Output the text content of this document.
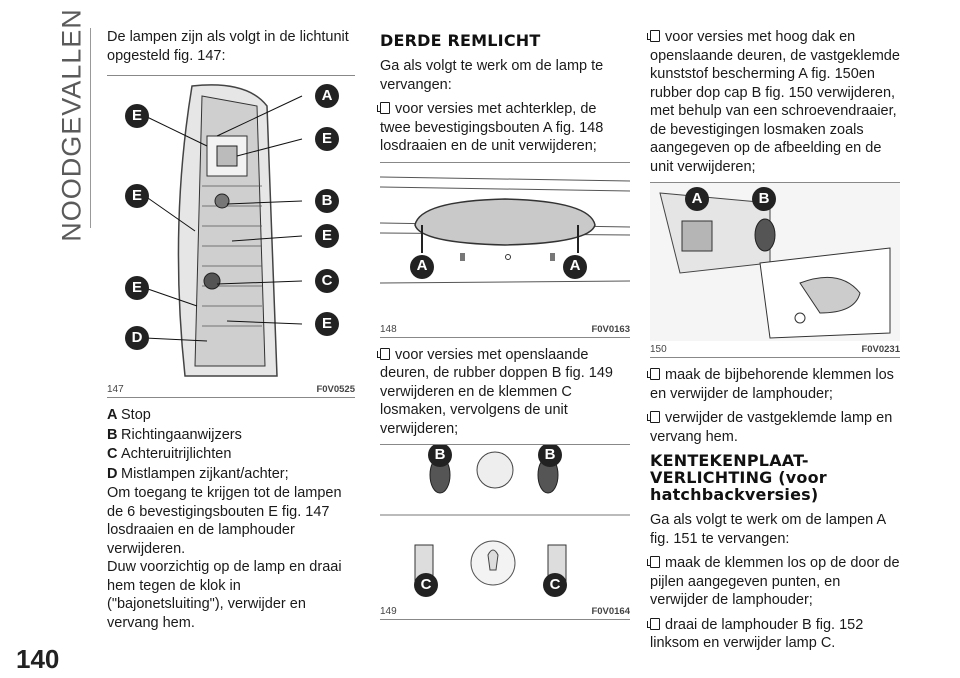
NOODGEVALLEN
140

De lampen zijn als volgt in de lichtunit opgesteld fig. 147:

A
E
E
E	B
E
E	C
E
D
147	F0V0525
A Stop
B Richtingaanwijzers
C Achteruitrijlichten
D Mistlampen zijkant/achter;

Om toegang te krijgen tot de lampen de 6 bevestigingsbouten E fig. 147 losdraaien en de lamphouder verwijderen.

Duw voorzichtig op de lamp en draai hem tegen de klok in ("bajonetsluiting"), verwijder en vervang hem.

DERDE REMLICHT

Ga als volgt te werk om de lamp te vervangen:

voor versies met achterklep, de twee bevestigingsbouten A fig. 148 losdraaien en de unit verwijderen;

A	A
148	F0V0163

voor versies met openslaande deuren, de rubber doppen B fig. 149 verwijderen en de klemmen C losmaken, vervolgens de unit verwijderen;

B	B
C	C
149	F0V0164

voor versies met hoog dak en openslaande deuren, de vastgeklemde kunststof bescherming A fig. 150en rubber dop cap B fig. 150 verwijderen, met behulp van een schroevendraaier, de bevestigingen losmaken zoals aangegeven op de afbeelding en de unit verwijderen;

A	B
150	F0V0231

maak de bijbehorende klemmen los en verwijder de lamphouder;

verwijder de vastgeklemde lamp en vervang hem.

KENTEKENPLAAT-VERLICHTING (voor hatchbackversies)

Ga als volgt te werk om de lampen A fig. 151 te vervangen:

maak de klemmen los op de door de pijlen aangegeven punten, en verwijder de lamphouder;

draai de lamphouder B fig. 152 linksom en verwijder lamp C.
